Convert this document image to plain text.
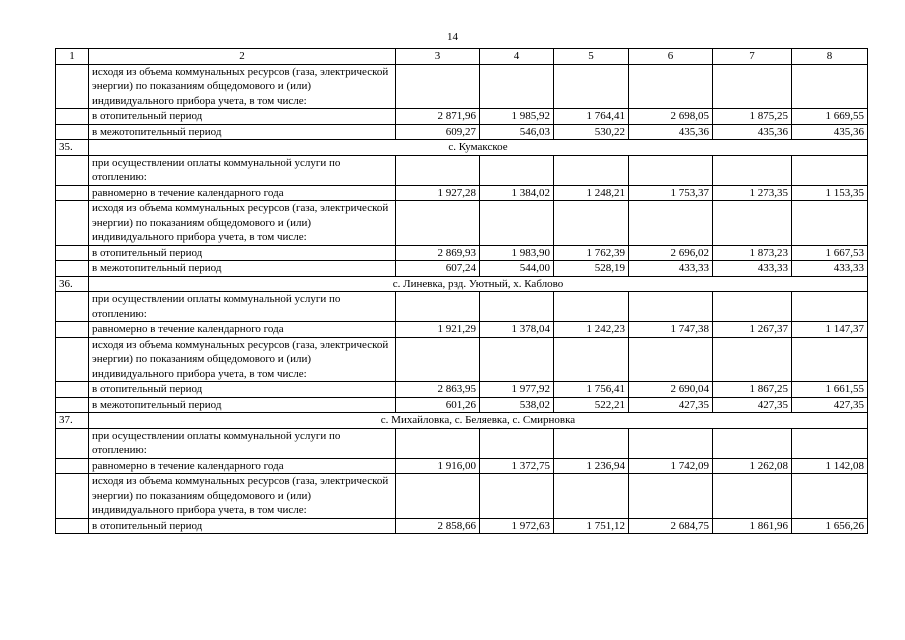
14
1	2	3	4	5	6	7	8
	исходя из объема коммунальных ресурсов (газа, электрической энергии) по показаниям общедомового и (или) индивидуального прибора учета, в том числе:						
	в отопительный период	2 871,96	1 985,92	1 764,41	2 698,05	1 875,25	1 669,55
	в межотопительный период	609,27	546,03	530,22	435,36	435,36	435,36
35.	с. Кумакское						
	при осуществлении оплаты коммунальной услуги по отоплению:						
	равномерно в течение календарного года	1 927,28	1 384,02	1 248,21	1 753,37	1 273,35	1 153,35
	исходя из объема коммунальных ресурсов (газа, электрической энергии) по показаниям общедомового и (или) индивидуального прибора учета, в том числе:						
	в отопительный период	2 869,93	1 983,90	1 762,39	2 696,02	1 873,23	1 667,53
	в межотопительный период	607,24	544,00	528,19	433,33	433,33	433,33
36.	с. Линевка, рзд. Уютный, х. Каблово						
	при осуществлении оплаты коммунальной услуги по отоплению:						
	равномерно в течение календарного года	1 921,29	1 378,04	1 242,23	1 747,38	1 267,37	1 147,37
	исходя из объема коммунальных ресурсов (газа, электрической энергии) по показаниям общедомового и (или) индивидуального прибора учета, в том числе:						
	в отопительный период	2 863,95	1 977,92	1 756,41	2 690,04	1 867,25	1 661,55
	в межотопительный период	601,26	538,02	522,21	427,35	427,35	427,35
37.	с. Михайловка, с. Беляевка, с. Смирновка						
	при осуществлении оплаты коммунальной услуги по отоплению:						
	равномерно в течение календарного года	1 916,00	1 372,75	1 236,94	1 742,09	1 262,08	1 142,08
	исходя из объема коммунальных ресурсов (газа, электрической энергии) по показаниям общедомового и (или) индивидуального прибора учета, в том числе:						
	в отопительный период	2 858,66	1 972,63	1 751,12	2 684,75	1 861,96	1 656,26
